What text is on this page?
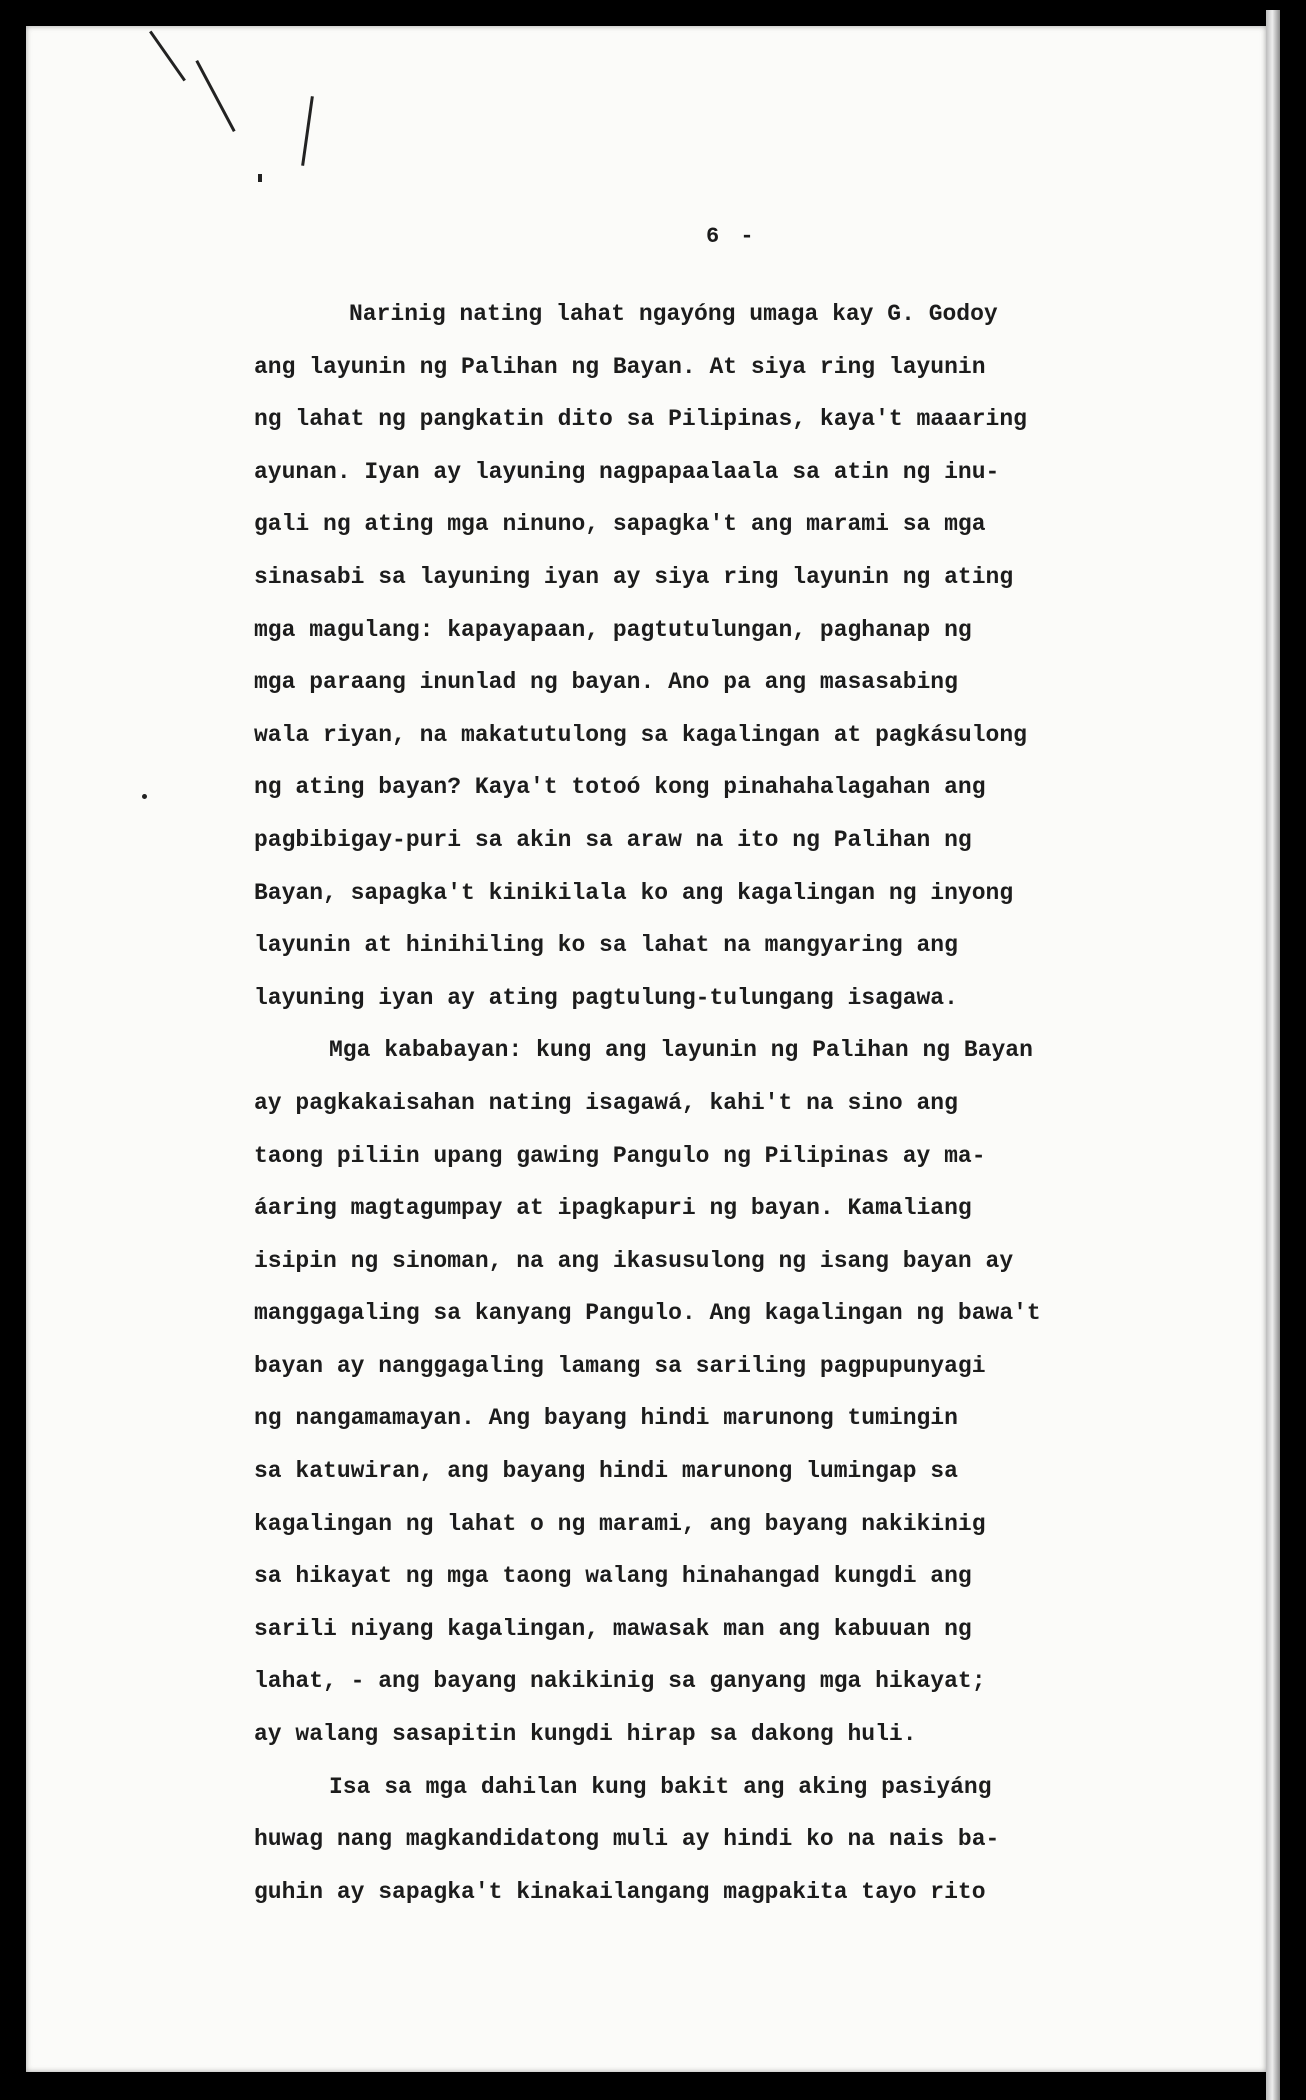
6 -
Narinig nating lahat ngayóng umaga kay G. Godoy
ang layunin ng Palihan ng Bayan. At siya ring layunin
ng lahat ng pangkatin dito sa Pilipinas, kaya't maaaring
ayunan. Iyan ay layuning nagpapaalaala sa atin ng inu-
gali ng ating mga ninuno, sapagka't ang marami sa mga
sinasabi sa layuning iyan ay siya ring layunin ng ating
mga magulang: kapayapaan, pagtutulungan, paghanap ng
mga paraang inunlad ng bayan. Ano pa ang masasabing
wala riyan, na makatutulong sa kagalingan at pagkásulong
ng ating bayan? Kaya't totoó kong pinahahalagahan ang
pagbibigay-puri sa akin sa araw na ito ng Palihan ng
Bayan, sapagka't kinikilala ko ang kagalingan ng inyong
layunin at hinihiling ko sa lahat na mangyaring ang
layuning iyan ay ating pagtulung-tulungang isagawa.
Mga kababayan: kung ang layunin ng Palihan ng Bayan
ay pagkakaisahan nating isagawá, kahi't na sino ang
taong piliin upang gawing Pangulo ng Pilipinas ay ma-
áaring magtagumpay at ipagkapuri ng bayan. Kamaliang
isipin ng sinoman, na ang ikasusulong ng isang bayan ay
manggagaling sa kanyang Pangulo. Ang kagalingan ng bawa't
bayan ay nanggagaling lamang sa sariling pagpupunyagi
ng nangamamayan. Ang bayang hindi marunong tumingin
sa katuwiran, ang bayang hindi marunong lumingap sa
kagalingan ng lahat o ng marami, ang bayang nakikinig
sa hikayat ng mga taong walang hinahangad kungdi ang
sarili niyang kagalingan, mawasak man ang kabuuan ng
lahat, - ang bayang nakikinig sa ganyang mga hikayat;
ay walang sasapitin kungdi hirap sa dakong huli.
Isa sa mga dahilan kung bakit ang aking pasiyáng
huwag nang magkandidatong muli ay hindi ko na nais ba-
guhin ay sapagka't kinakailangang magpakita tayo rito
